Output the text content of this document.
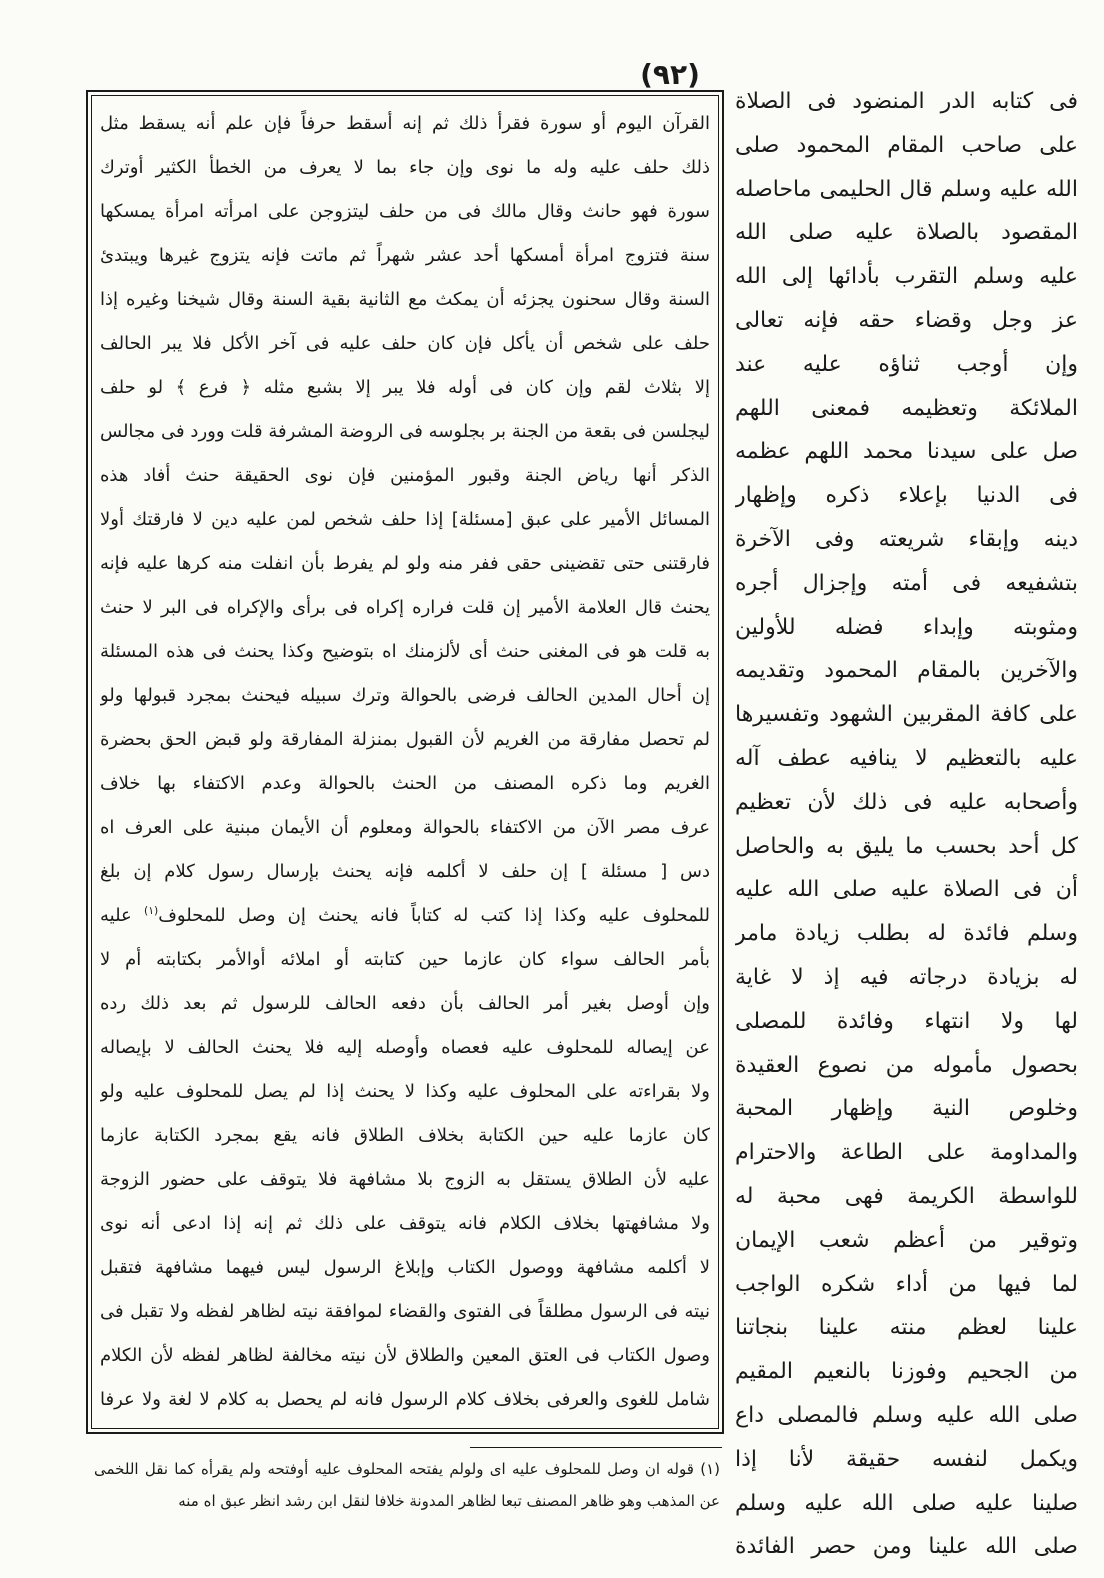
(٩٢)
القرآن اليوم أو سورة فقرأ ذلك ثم إنه أسقط حرفاً فإن علم أنه يسقط مثل
ذلك حلف عليه وله ما نوى وإن جاء بما لا يعرف من الخطأ الكثير أوترك
سورة فهو حانث وقال مالك فى من حلف ليتزوجن على امرأته امرأة يمسكها
سنة فتزوج امرأة أمسكها أحد عشر شهراً ثم ماتت فإنه يتزوج غيرها ويبتدئ
السنة وقال سحنون يجزئه أن يمكث مع الثانية بقية السنة وقال شيخنا وغيره إذا
حلف على شخص أن يأكل فإن كان حلف عليه فى آخر الأكل فلا يبر الحالف
إلا بثلاث لقم وإن كان فى أوله فلا يبر إلا بشبع مثله ﴿ فرع ﴾ لو حلف
ليجلسن فى بقعة من الجنة بر بجلوسه فى الروضة المشرفة قلت وورد فى مجالس
الذكر أنها رياض الجنة وقبور المؤمنين فإن نوى الحقيقة حنث أفاد هذه
المسائل الأمير على عبق [مسئلة] إذا حلف شخص لمن عليه دين لا فارقتك أولا
فارقتنى حتى تقضينى حقى ففر منه ولو لم يفرط بأن انفلت منه كرها عليه فإنه
يحنث قال العلامة الأمير إن قلت فراره إكراه فى برأى والإكراه فى البر لا حنث
به قلت هو فى المغنى حنث أى لألزمنك اه بتوضيح وكذا يحنث فى هذه المسئلة
إن أحال المدين الحالف فرضى بالحوالة وترك سبيله فيحنث بمجرد قبولها ولو
لم تحصل مفارقة من الغريم لأن القبول بمنزلة المفارقة ولو قبض الحق بحضرة
الغريم وما ذكره المصنف من الحنث بالحوالة وعدم الاكتفاء بها خلاف
عرف مصر الآن من الاكتفاء بالحوالة ومعلوم أن الأيمان مبنية على العرف اه
دس [ مسئلة ] إن حلف لا أكلمه فإنه يحنث بإرسال رسول كلام إن بلغ
للمحلوف عليه وكذا إذا كتب له كتاباً فانه يحنث إن وصل للمحلوف$^{(١)}$ عليه
بأمر الحالف سواء كان عازما حين كتابته أو املائه أوالأمر بكتابته أم لا
وإن أوصل بغير أمر الحالف بأن دفعه الحالف للرسول ثم بعد ذلك رده
عن إيصاله للمحلوف عليه فعصاه وأوصله إليه فلا يحنث الحالف لا بإيصاله
ولا بقراءته على المحلوف عليه وكذا لا يحنث إذا لم يصل للمحلوف عليه ولو
كان عازما عليه حين الكتابة بخلاف الطلاق فانه يقع بمجرد الكتابة عازما
عليه لأن الطلاق يستقل به الزوج بلا مشافهة فلا يتوقف على حضور الزوجة
ولا مشافهتها بخلاف الكلام فانه يتوقف على ذلك ثم إنه إذا ادعى أنه نوى
لا أكلمه مشافهة ووصول الكتاب وإبلاغ الرسول ليس فيهما مشافهة فتقبل
نيته فى الرسول مطلقاً فى الفتوى والقضاء لموافقة نيته لظاهر لفظه ولا تقبل فى
وصول الكتاب فى العتق المعين والطلاق لأن نيته مخالفة لظاهر لفظه لأن الكلام
شامل للغوى والعرفى بخلاف كلام الرسول فانه لم يحصل به كلام لا لغة ولا عرفا
(١) قوله ان وصل للمحلوف عليه اى ولولم يفتحه المحلوف عليه أوفتحه ولم يقرأه كما نقل اللخمى
عن المذهب وهو ظاهر المصنف تبعا لظاهر المدونة خلافا لنقل ابن رشد انظر عبق اه منه
فى كتابه الدر المنضود فى الصلاة
على صاحب المقام المحمود صلى
الله عليه وسلم قال الحليمى ماحاصله
المقصود بالصلاة عليه صلى الله
عليه وسلم التقرب بأدائها إلى الله
عز وجل وقضاء حقه فإنه تعالى
وإن أوجب ثناؤه عليه عند
الملائكة وتعظيمه فمعنى اللهم
صل على سيدنا محمد اللهم عظمه
فى الدنيا بإعلاء ذكره وإظهار
دينه وإبقاء شريعته وفى الآخرة
بتشفيعه فى أمته وإجزال أجره
ومثوبته وإبداء فضله للأولين
والآخرين بالمقام المحمود وتقديمه
على كافة المقربين الشهود وتفسيرها
عليه بالتعظيم لا ينافيه عطف آله
وأصحابه عليه فى ذلك لأن تعظيم
كل أحد بحسب ما يليق به والحاصل
أن فى الصلاة عليه صلى الله عليه
وسلم فائدة له بطلب زيادة مامر
له بزيادة درجاته فيه إذ لا غاية
لها ولا انتهاء وفائدة للمصلى
بحصول مأموله من نصوع العقيدة
وخلوص النية وإظهار المحبة
والمداومة على الطاعة والاحترام
للواسطة الكريمة فهى محبة له
وتوقير من أعظم شعب الإيمان
لما فيها من أداء شكره الواجب
علينا لعظم منته علينا بنجاتنا
من الجحيم وفوزنا بالنعيم المقيم
صلى الله عليه وسلم فالمصلى داع
ويكمل لنفسه حقيقة لأنا إذا
صلينا عليه صلى الله عليه وسلم
صلى الله علينا ومن حصر الفائدة
